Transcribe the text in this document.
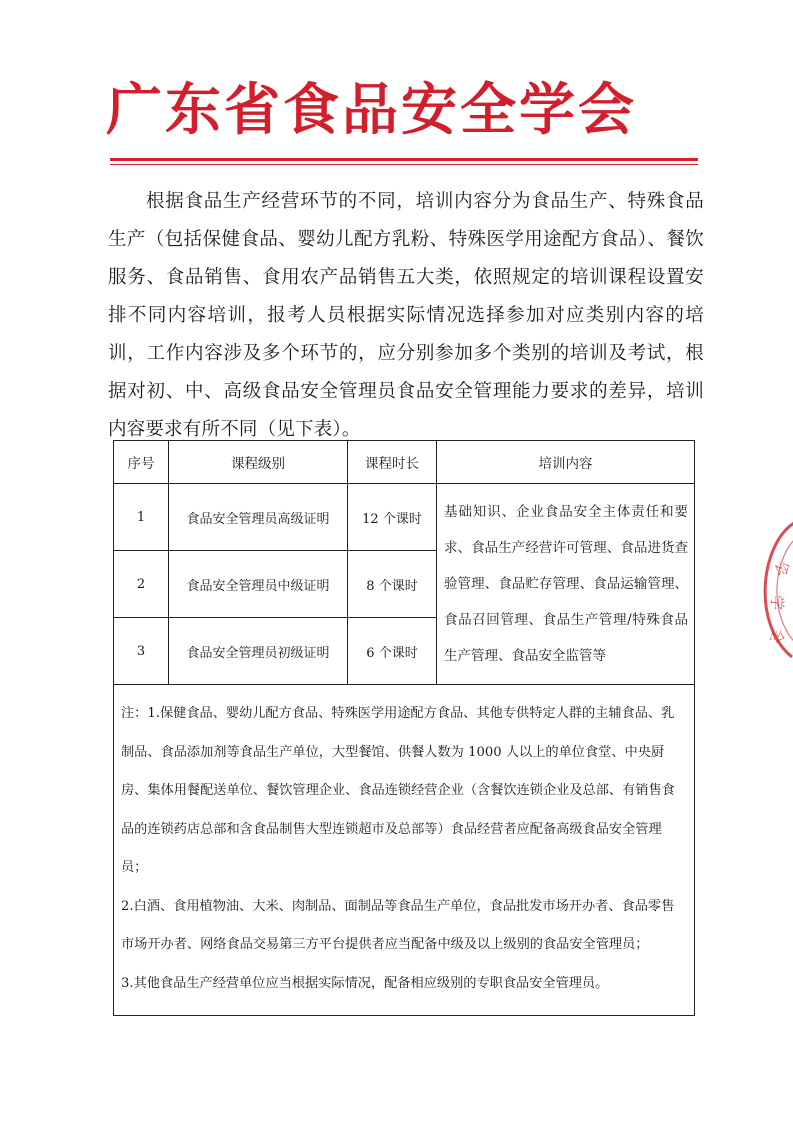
广东省食品安全学会
根据食品生产经营环节的不同，培训内容分为食品生产、特殊食品生产（包括保健食品、婴幼儿配方乳粉、特殊医学用途配方食品）、餐饮服务、食品销售、食用农产品销售五大类，依照规定的培训课程设置安排不同内容培训，报考人员根据实际情况选择参加对应类别内容的培训，工作内容涉及多个环节的，应分别参加多个类别的培训及考试，根据对初、中、高级食品安全管理员食品安全管理能力要求的差异，培训内容要求有所不同（见下表）。
序号	课程级别	课程时长	培训内容
1	食品安全管理员高级证明	12 个课时	基础知识、企业食品安全主体责任和要求、食品生产经营许可管理、食品进货查验管理、食品贮存管理、食品运输管理、食品召回管理、食品生产管理/特殊食品生产管理、食品安全监管等
2	食品安全管理员中级证明	8 个课时	
3	食品安全管理员初级证明	6 个课时	

注：1.保健食品、婴幼儿配方食品、特殊医学用途配方食品、其他专供特定人群的主辅食品、乳制品、食品添加剂等食品生产单位，大型餐馆、供餐人数为 1000 人以上的单位食堂、中央厨房、集体用餐配送单位、餐饮管理企业、食品连锁经营企业（含餐饮连锁企业及总部、有销售食品的连锁药店总部和含食品制售大型连锁超市及总部等）食品经营者应配备高级食品安全管理员；

2.白酒、食用植物油、大米、肉制品、面制品等食品生产单位，食品批发市场开办者、食品零售市场开办者、网络食品交易第三方平台提供者应当配备中级及以上级别的食品安全管理员；

3.其他食品生产经营单位应当根据实际情况，配备相应级别的专职食品安全管理员。			

会
学
全
